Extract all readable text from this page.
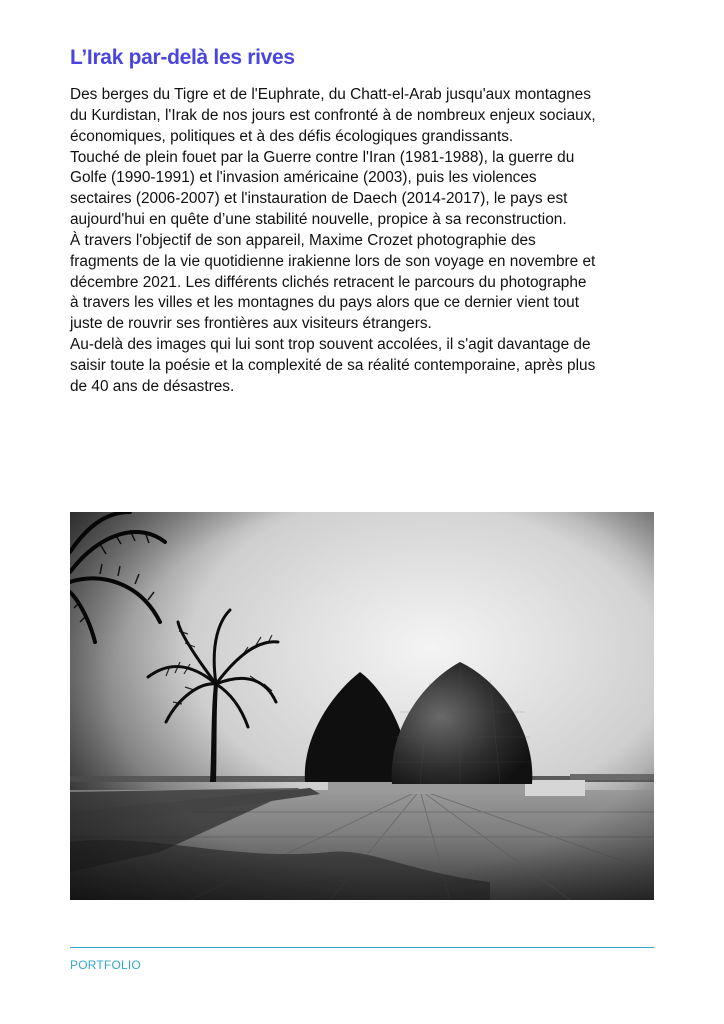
L’Irak par-delà les rives
Des berges du Tigre et de l'Euphrate, du Chatt-el-Arab jusqu'aux montagnes
du Kurdistan, l'Irak de nos jours est confronté à de nombreux enjeux sociaux,
économiques, politiques et à des défis écologiques grandissants.
Touché de plein fouet par la Guerre contre l'Iran (1981-1988), la guerre du
Golfe (1990-1991) et l'invasion américaine (2003), puis les violences
sectaires (2006-2007) et l'instauration de Daech (2014-2017), le pays est
aujourd'hui en quête d’une stabilité nouvelle, propice à sa reconstruction.
À travers l'objectif de son appareil, Maxime Crozet photographie des
fragments de la vie quotidienne irakienne lors de son voyage en novembre et
décembre 2021. Les différents clichés retracent le parcours du photographe
à travers les villes et les montagnes du pays alors que ce dernier vient tout
juste de rouvrir ses frontières aux visiteurs étrangers.
Au-delà des images qui lui sont trop souvent accolées, il s'agit davantage de
saisir toute la poésie et la complexité de sa réalité contemporaine, après plus
de 40 ans de désastres.
PORTFOLIO
